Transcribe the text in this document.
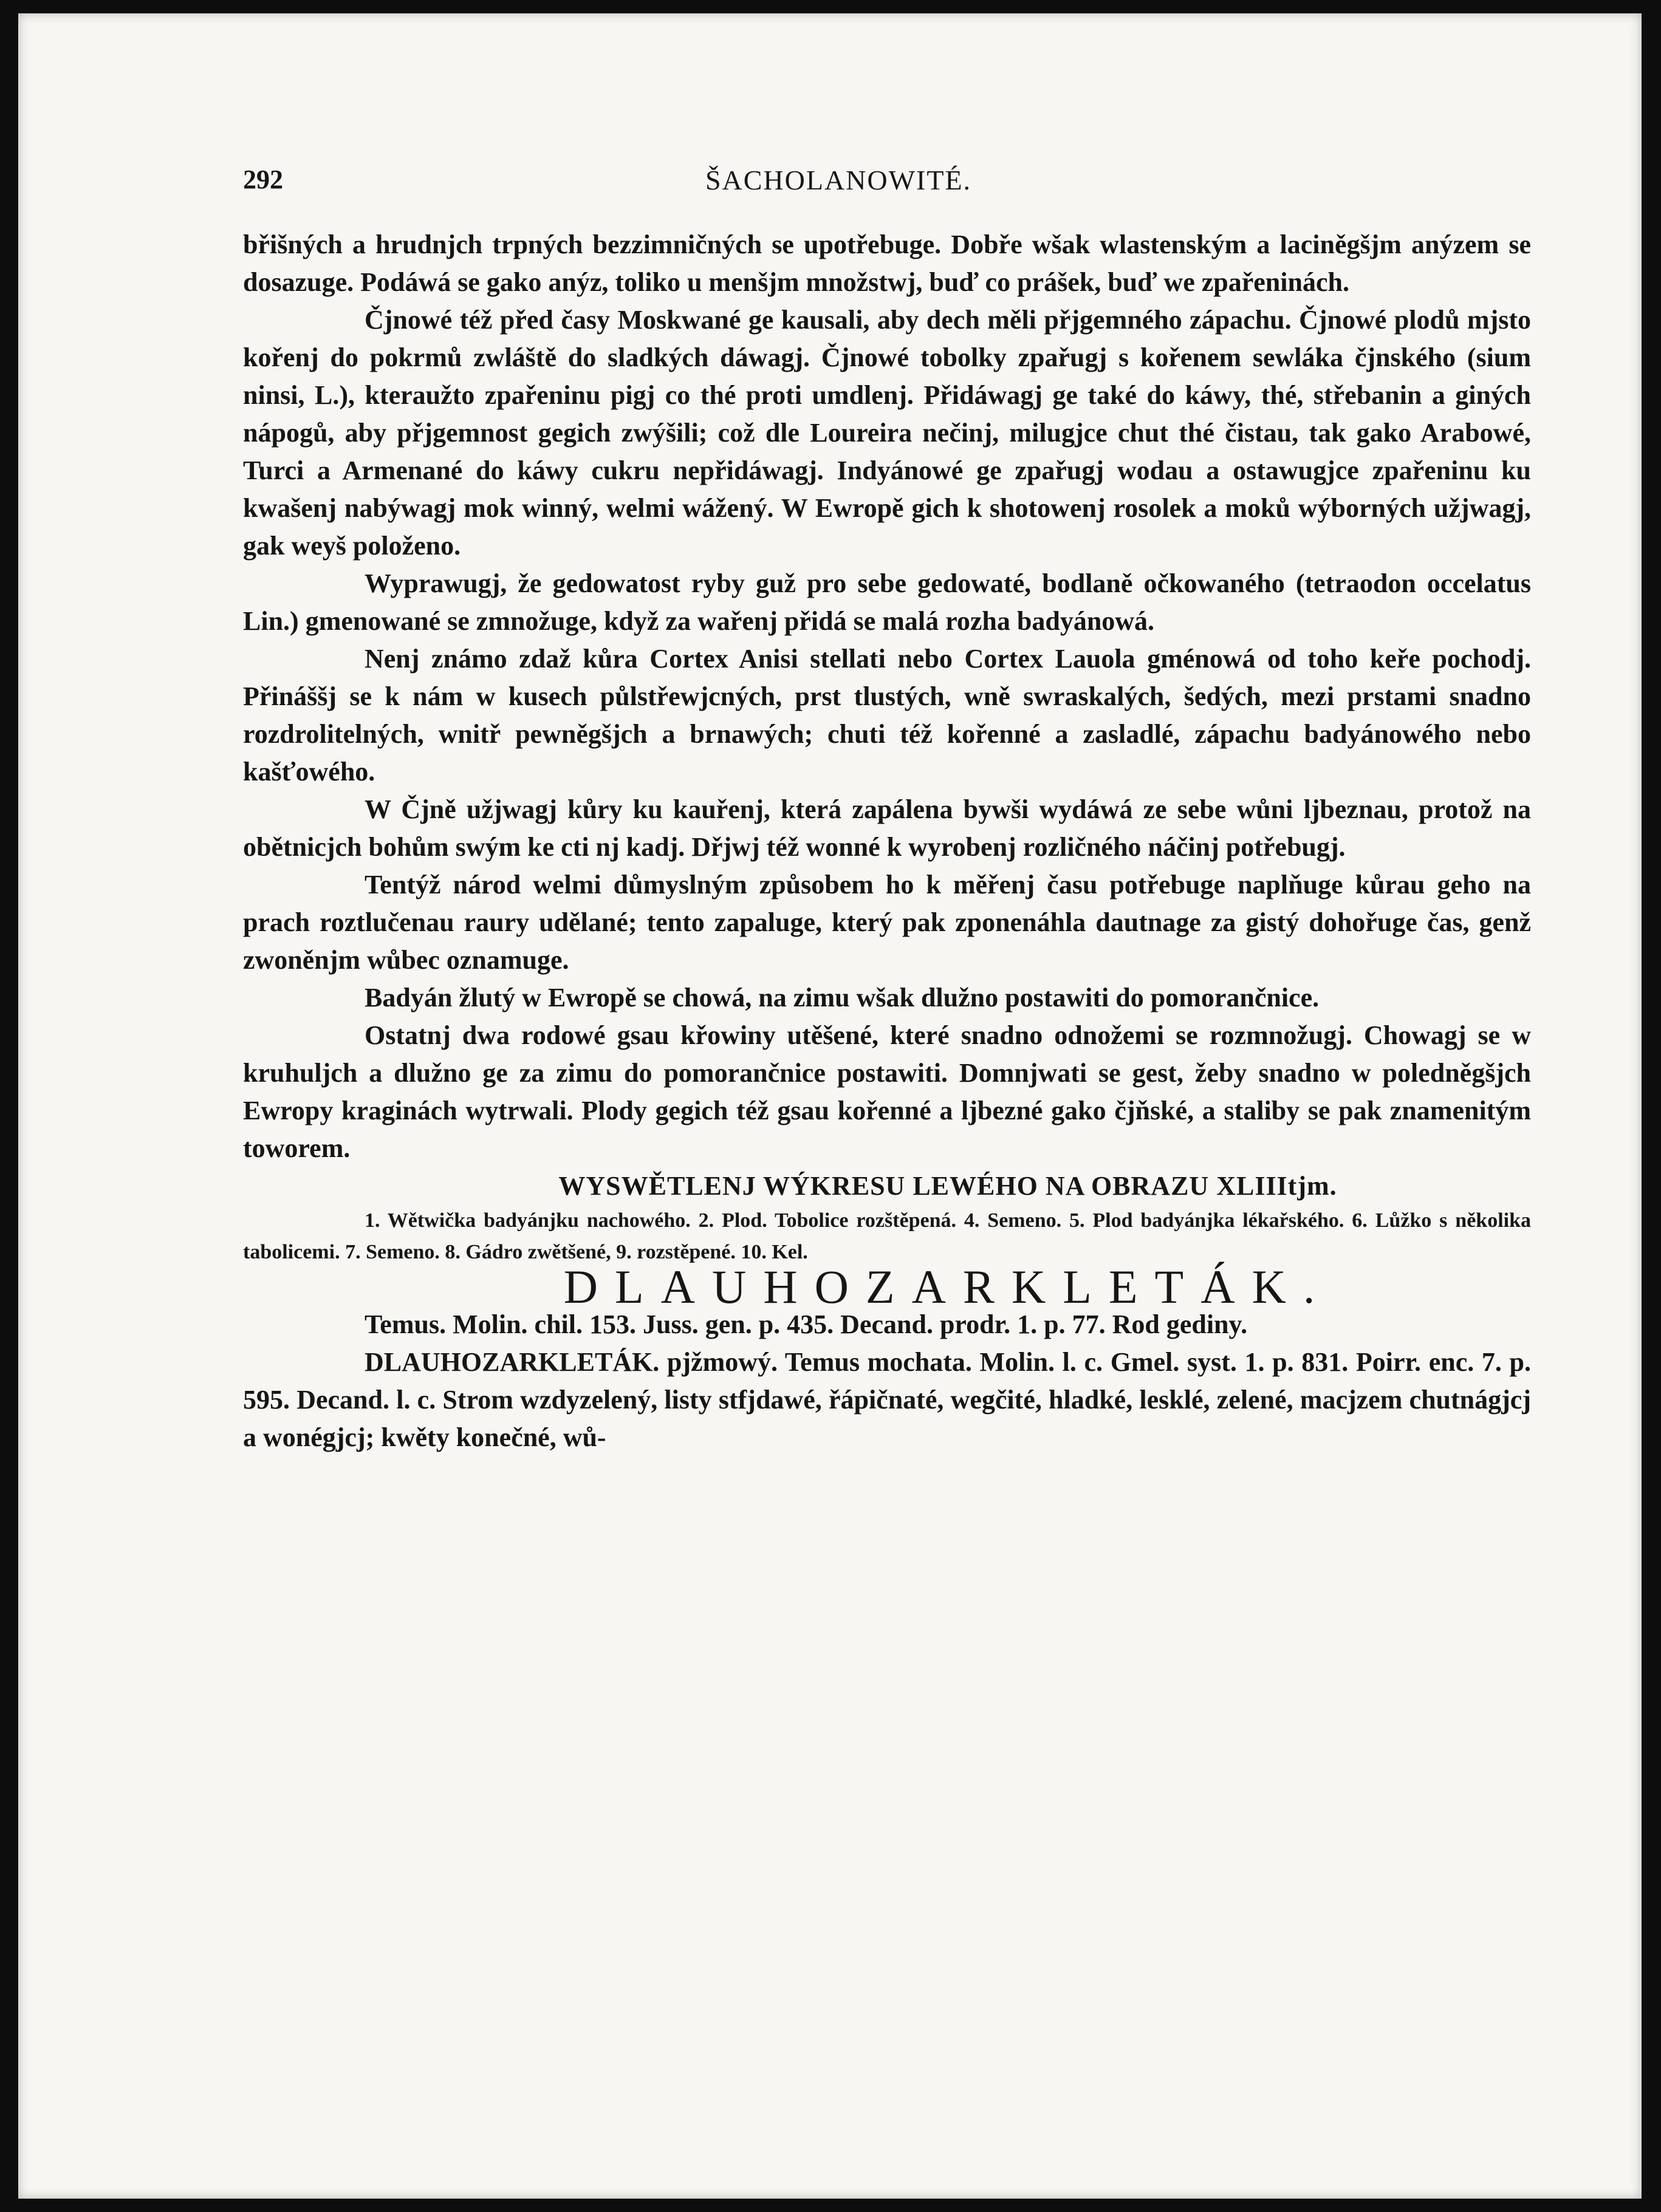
292	ŠACHOLANOWITÉ.

břišných a hrudnjch trpných bezzimničných se upotřebuge. Dobře wšak wlastenským a laciněgšjm anýzem se dosazuge. Podáwá se gako anýz, toliko u menšjm množstwj, buď co prášek, buď we zpařeninách.

Čjnowé též před časy Moskwané ge kausali, aby dech měli přjgemného zápachu. Čjnowé plodů mjsto kořenj do pokrmů zwláště do sladkých dáwagj. Čjnowé tobolky zpařugj s kořenem sewláka čjnského (sium ninsi, L.), kteraužto zpařeninu pigj co thé proti umdlenj. Přidáwagj ge také do káwy, thé, střebanin a giných nápogů, aby přjgemnost gegich zwýšili; což dle Loureira nečinj, milugjce chut thé čistau, tak gako Arabowé, Turci a Armenané do káwy cukru nepřidáwagj. Indyánowé ge zpařugj wodau a ostawugjce zpařeninu ku kwašenj nabýwagj mok winný, welmi wážený. W Ewropě gich k shotowenj rosolek a moků wýborných užjwagj, gak weyš položeno.

Wyprawugj, že gedowatost ryby guž pro sebe gedowaté, bodlaně očkowaného (tetraodon occelatus Lin.) gmenowané se zmnožuge, když za wařenj přidá se malá rozha badyánowá.

Nenj známo zdaž kůra Cortex Anisi stellati nebo Cortex Lauola gménowá od toho keře pochodj. Přináššj se k nám w kusech půlstřewjcných, prst tlustých, wně swraskalých, šedých, mezi prstami snadno rozdrolitelných, wnitř pewněgšjch a brnawých; chuti též kořenné a zasladlé, zápachu badyánowého nebo kašťowého.

W Čjně užjwagj kůry ku kauřenj, která zapálena bywši wydáwá ze sebe wůni ljbeznau, protož na obětnicjch bohům swým ke cti nj kadj. Dřjwj též wonné k wyrobenj rozličného náčinj potřebugj.

Tentýž národ welmi důmyslným způsobem ho k měřenj času potřebuge naplňuge kůrau geho na prach roztlučenau raury udělané; tento zapaluge, který pak zponenáhla dautnage za gistý dohořuge čas, genž zwoněnjm wůbec oznamuge.

Badyán žlutý w Ewropě se chowá, na zimu wšak dlužno postawiti do pomorančnice.

Ostatnj dwa rodowé gsau křowiny utěšené, které snadno odnožemi se rozmnožugj. Chowagj se w kruhuljch a dlužno ge za zimu do pomorančnice postawiti. Domnjwati se gest, žeby snadno w poledněgšjch Ewropy kraginách wytrwali. Plody gegich též gsau kořenné a ljbezné gako čjňské, a staliby se pak znamenitým toworem.

WYSWĚTLENJ WÝKRESU LEWÉHO NA OBRAZU XLIIItjm.

1. Wětwička badyánjku nachowého. 2. Plod. Tobolice rozštěpená. 4. Semeno. 5. Plod badyánjka lékařského. 6. Lůžko s několika tabolicemi. 7. Semeno. 8. Gádro zwětšené, 9. rozstěpené. 10. Kel.

DLAUHOZARKLETÁK.

Temus. Molin. chil. 153. Juss. gen. p. 435. Decand. prodr. 1. p. 77. Rod gediny.

DLAUHOZARKLETÁK. pjžmowý. Temus mochata. Molin. l. c. Gmel. syst. 1. p. 831. Poirr. enc. 7. p. 595. Decand. l. c. Strom wzdyzelený, listy stfjdawé, řápičnaté, wegčité, hladké, lesklé, zelené, macjzem chutnágjcj a wonégjcj; kwěty konečné, wů-
